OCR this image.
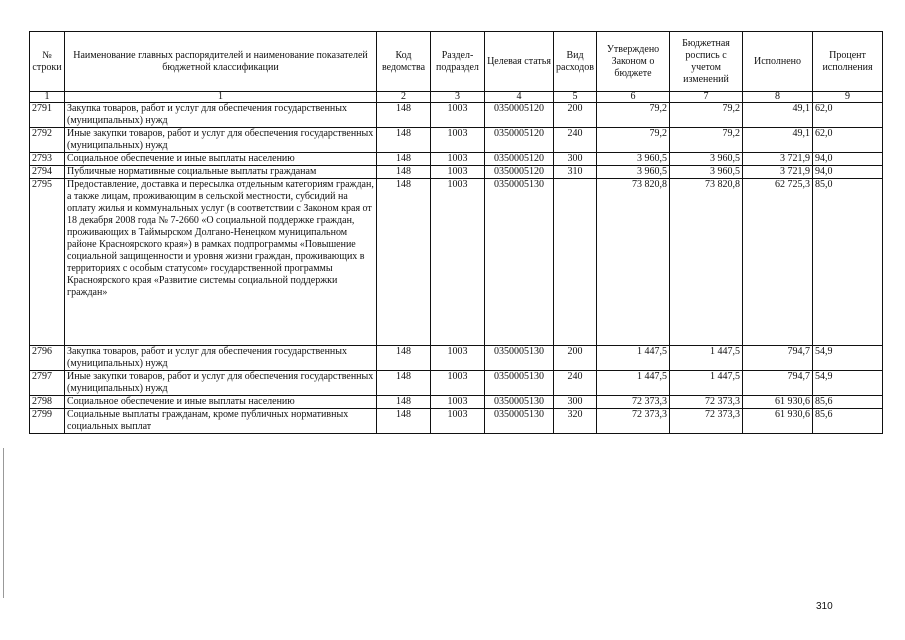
№ строки	Наименование главных распорядителей и наименование показателей бюджетной классификации	Код ведомства	Раздел-подраздел	Целевая статья	Вид расходов	Утверждено Законом о бюджете	Бюджетная роспись с учетом изменений	Исполнено	Процент исполнения
1	1	2	3	4	5	6	7	8	9
2791	Закупка товаров, работ и услуг для обеспечения государственных (муниципальных) нужд	148	1003	0350005120	200	79,2	79,2	49,1	62,0
2792	Иные закупки товаров, работ и услуг для обеспечения государственных (муниципальных) нужд	148	1003	0350005120	240	79,2	79,2	49,1	62,0
2793	Социальное обеспечение и иные выплаты населению	148	1003	0350005120	300	3 960,5	3 960,5	3 721,9	94,0
2794	Публичные нормативные социальные выплаты гражданам	148	1003	0350005120	310	3 960,5	3 960,5	3 721,9	94,0
2795	Предоставление, доставка и пересылка отдельным категориям граждан, а также лицам, проживающим в сельской местности, субсидий на оплату жилья и коммунальных услуг (в соответствии с Законом края от 18 декабря 2008 года № 7-2660 «О социальной поддержке граждан, проживающих в Таймырском Долгано-Ненецком муниципальном районе Красноярского края») в рамках подпрограммы «Повышение социальной защищенности и уровня жизни граждан, проживающих в территориях с особым статусом» государственной программы Красноярского края «Развитие системы социальной поддержки граждан»	148	1003	0350005130		73 820,8	73 820,8	62 725,3	85,0
2796	Закупка товаров, работ и услуг для обеспечения государственных (муниципальных) нужд	148	1003	0350005130	200	1 447,5	1 447,5	794,7	54,9
2797	Иные закупки товаров, работ и услуг для обеспечения государственных (муниципальных) нужд	148	1003	0350005130	240	1 447,5	1 447,5	794,7	54,9
2798	Социальное обеспечение и иные выплаты населению	148	1003	0350005130	300	72 373,3	72 373,3	61 930,6	85,6
2799	Социальные выплаты гражданам, кроме публичных нормативных социальных выплат	148	1003	0350005130	320	72 373,3	72 373,3	61 930,6	85,6
310
